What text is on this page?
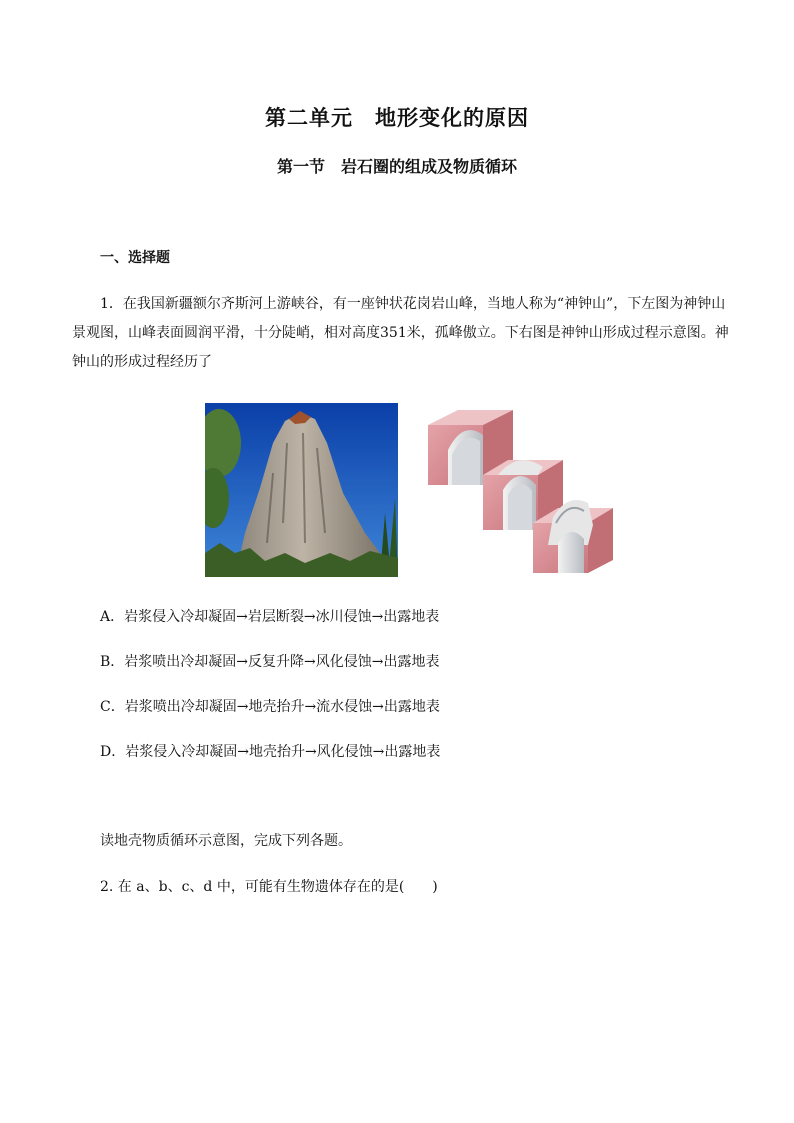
第二单元　地形变化的原因
第一节　岩石圈的组成及物质循环
一、选择题
1．在我国新疆额尔齐斯河上游峡谷，有一座钟状花岗岩山峰，当地人称为“神钟山”，下左图为神钟山景观图，山峰表面圆润平滑，十分陡峭，相对高度351米，孤峰傲立。下右图是神钟山形成过程示意图。神钟山的形成过程经历了
A．岩浆侵入冷却凝固→岩层断裂→冰川侵蚀→出露地表
B．岩浆喷出冷却凝固→反复升降→风化侵蚀→出露地表
C．岩浆喷出冷却凝固→地壳抬升→流水侵蚀→出露地表
D．岩浆侵入冷却凝固→地壳抬升→风化侵蚀→出露地表
读地壳物质循环示意图，完成下列各题。
2. 在 a、b、c、d 中，可能有生物遗体存在的是(　　)
